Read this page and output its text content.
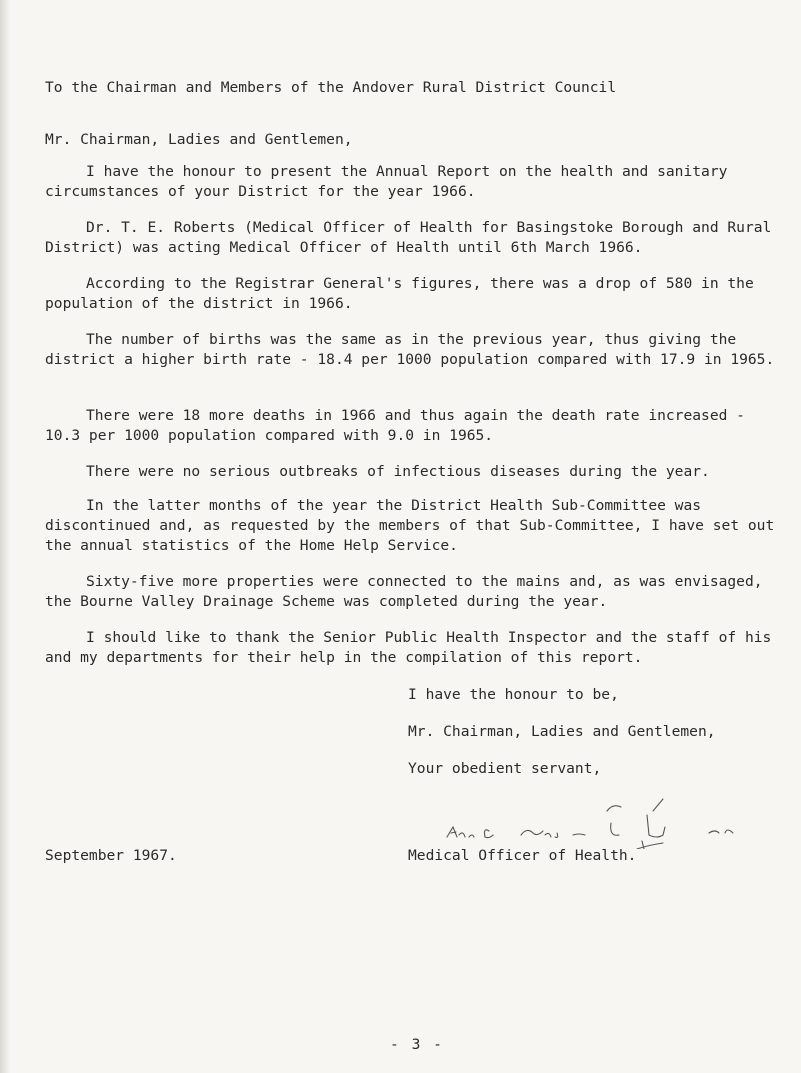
To the Chairman and Members of the Andover Rural District Council

Mr. Chairman, Ladies and Gentlemen,

I have the honour to present the Annual Report on the health and sanitary circumstances of your District for the year 1966.

Dr. T. E. Roberts (Medical Officer of Health for Basingstoke Borough and Rural District) was acting Medical Officer of Health until 6th March 1966.

According to the Registrar General's figures, there was a drop of 580 in the population of the district in 1966.

The number of births was the same as in the previous year, thus giving the district a higher birth rate - 18.4 per 1000 population compared with 17.9 in 1965.

There were 18 more deaths in 1966 and thus again the death rate increased - 10.3 per 1000 population compared with 9.0 in 1965.

There were no serious outbreaks of infectious diseases during the year.

In the latter months of the year the District Health Sub-Committee was discontinued and, as requested by the members of that Sub-Committee, I have set out the annual statistics of the Home Help Service.

Sixty-five more properties were connected to the mains and, as was envisaged, the Bourne Valley Drainage Scheme was completed during the year.

I should like to thank the Senior Public Health Inspector and the staff of his and my departments for their help in the compilation of this report.

I have the honour to be,

Mr. Chairman, Ladies and Gentlemen,

Your obedient servant,

September 1967.	Medical Officer of Health.

- 3 -
